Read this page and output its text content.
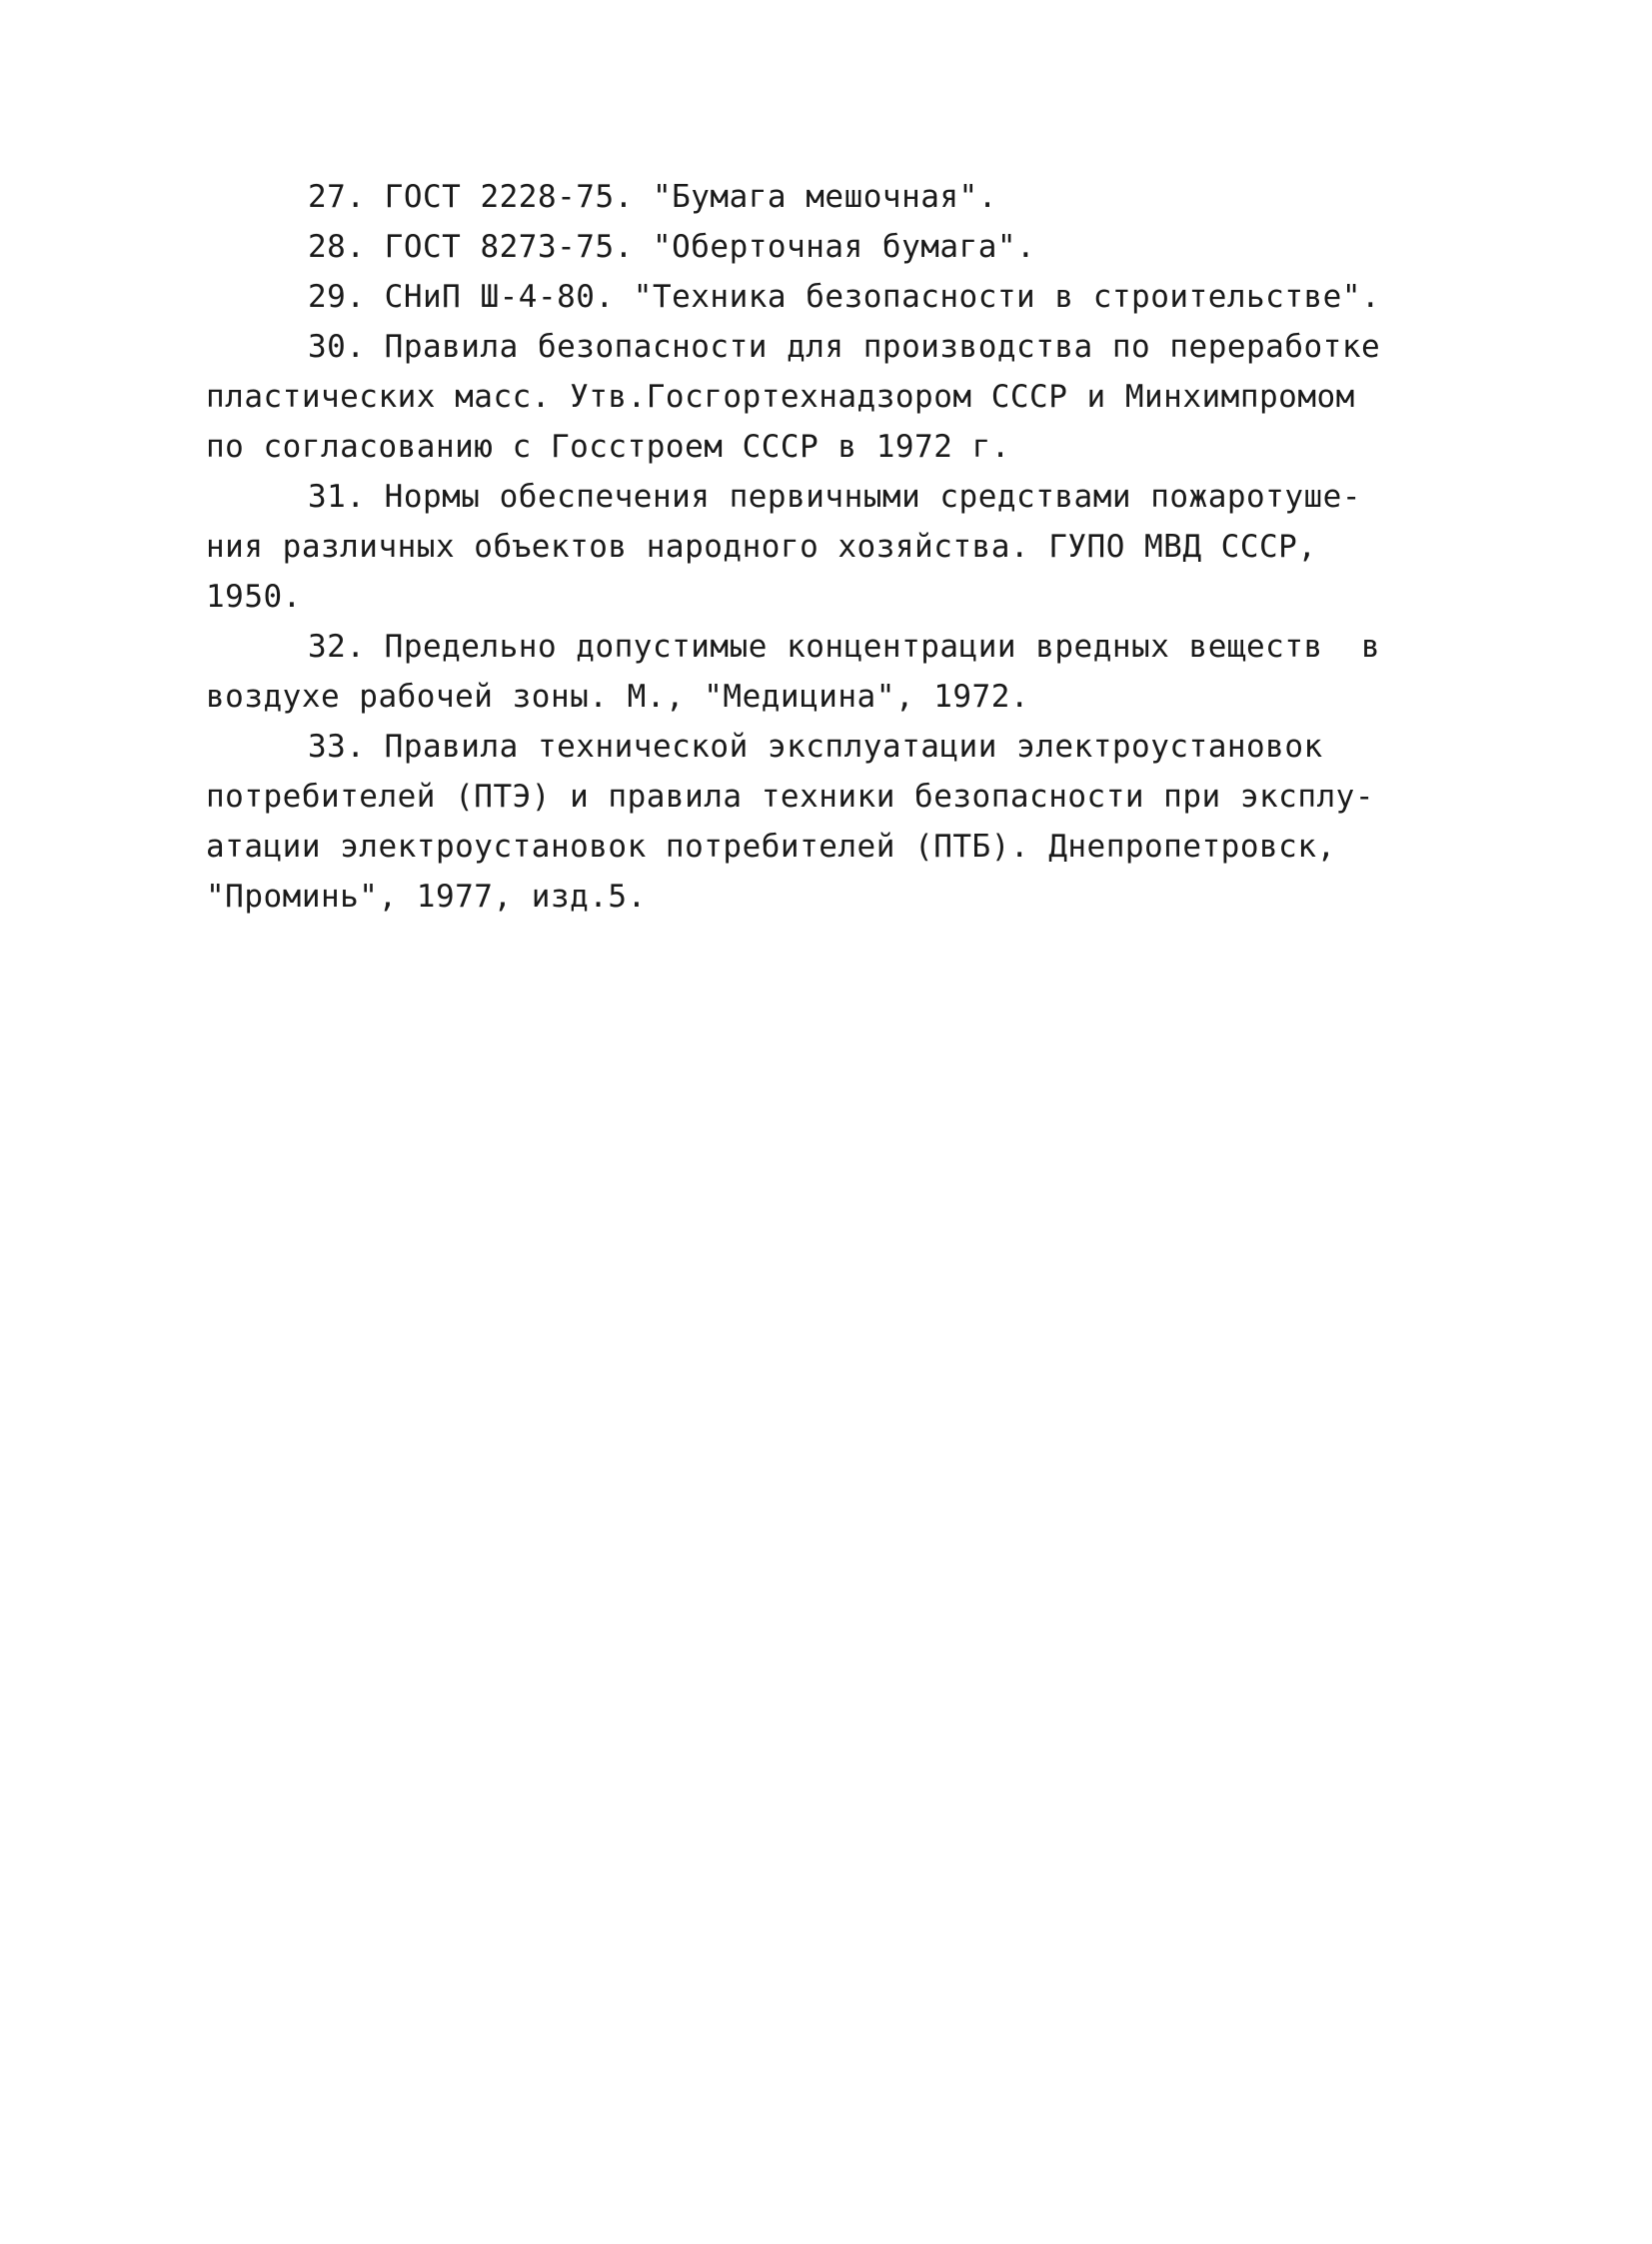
27. ГОСТ 2228-75. "Бумага мешочная".
28. ГОСТ 8273-75. "Оберточная бумага".
29. СНиП Ш-4-80. "Техника безопасности в строительстве".
30. Правила безопасности для производства по переработке
пластических масс. Утв.Госгортехнадзором СССР и Минхимпромом
по согласованию с Госстроем СССР в 1972 г.
31. Нормы обеспечения первичными средствами пожаротуше-
ния различных объектов народного хозяйства. ГУПО МВД СССР,
1950.
32. Предельно допустимые концентрации вредных веществ  в
воздухе рабочей зоны. М., "Медицина", 1972.
33. Правила технической эксплуатации электроустановок
потребителей (ПТЭ) и правила техники безопасности при эксплу-
атации электроустановок потребителей (ПТБ). Днепропетровск,
"Проминь", 1977, изд.5.
